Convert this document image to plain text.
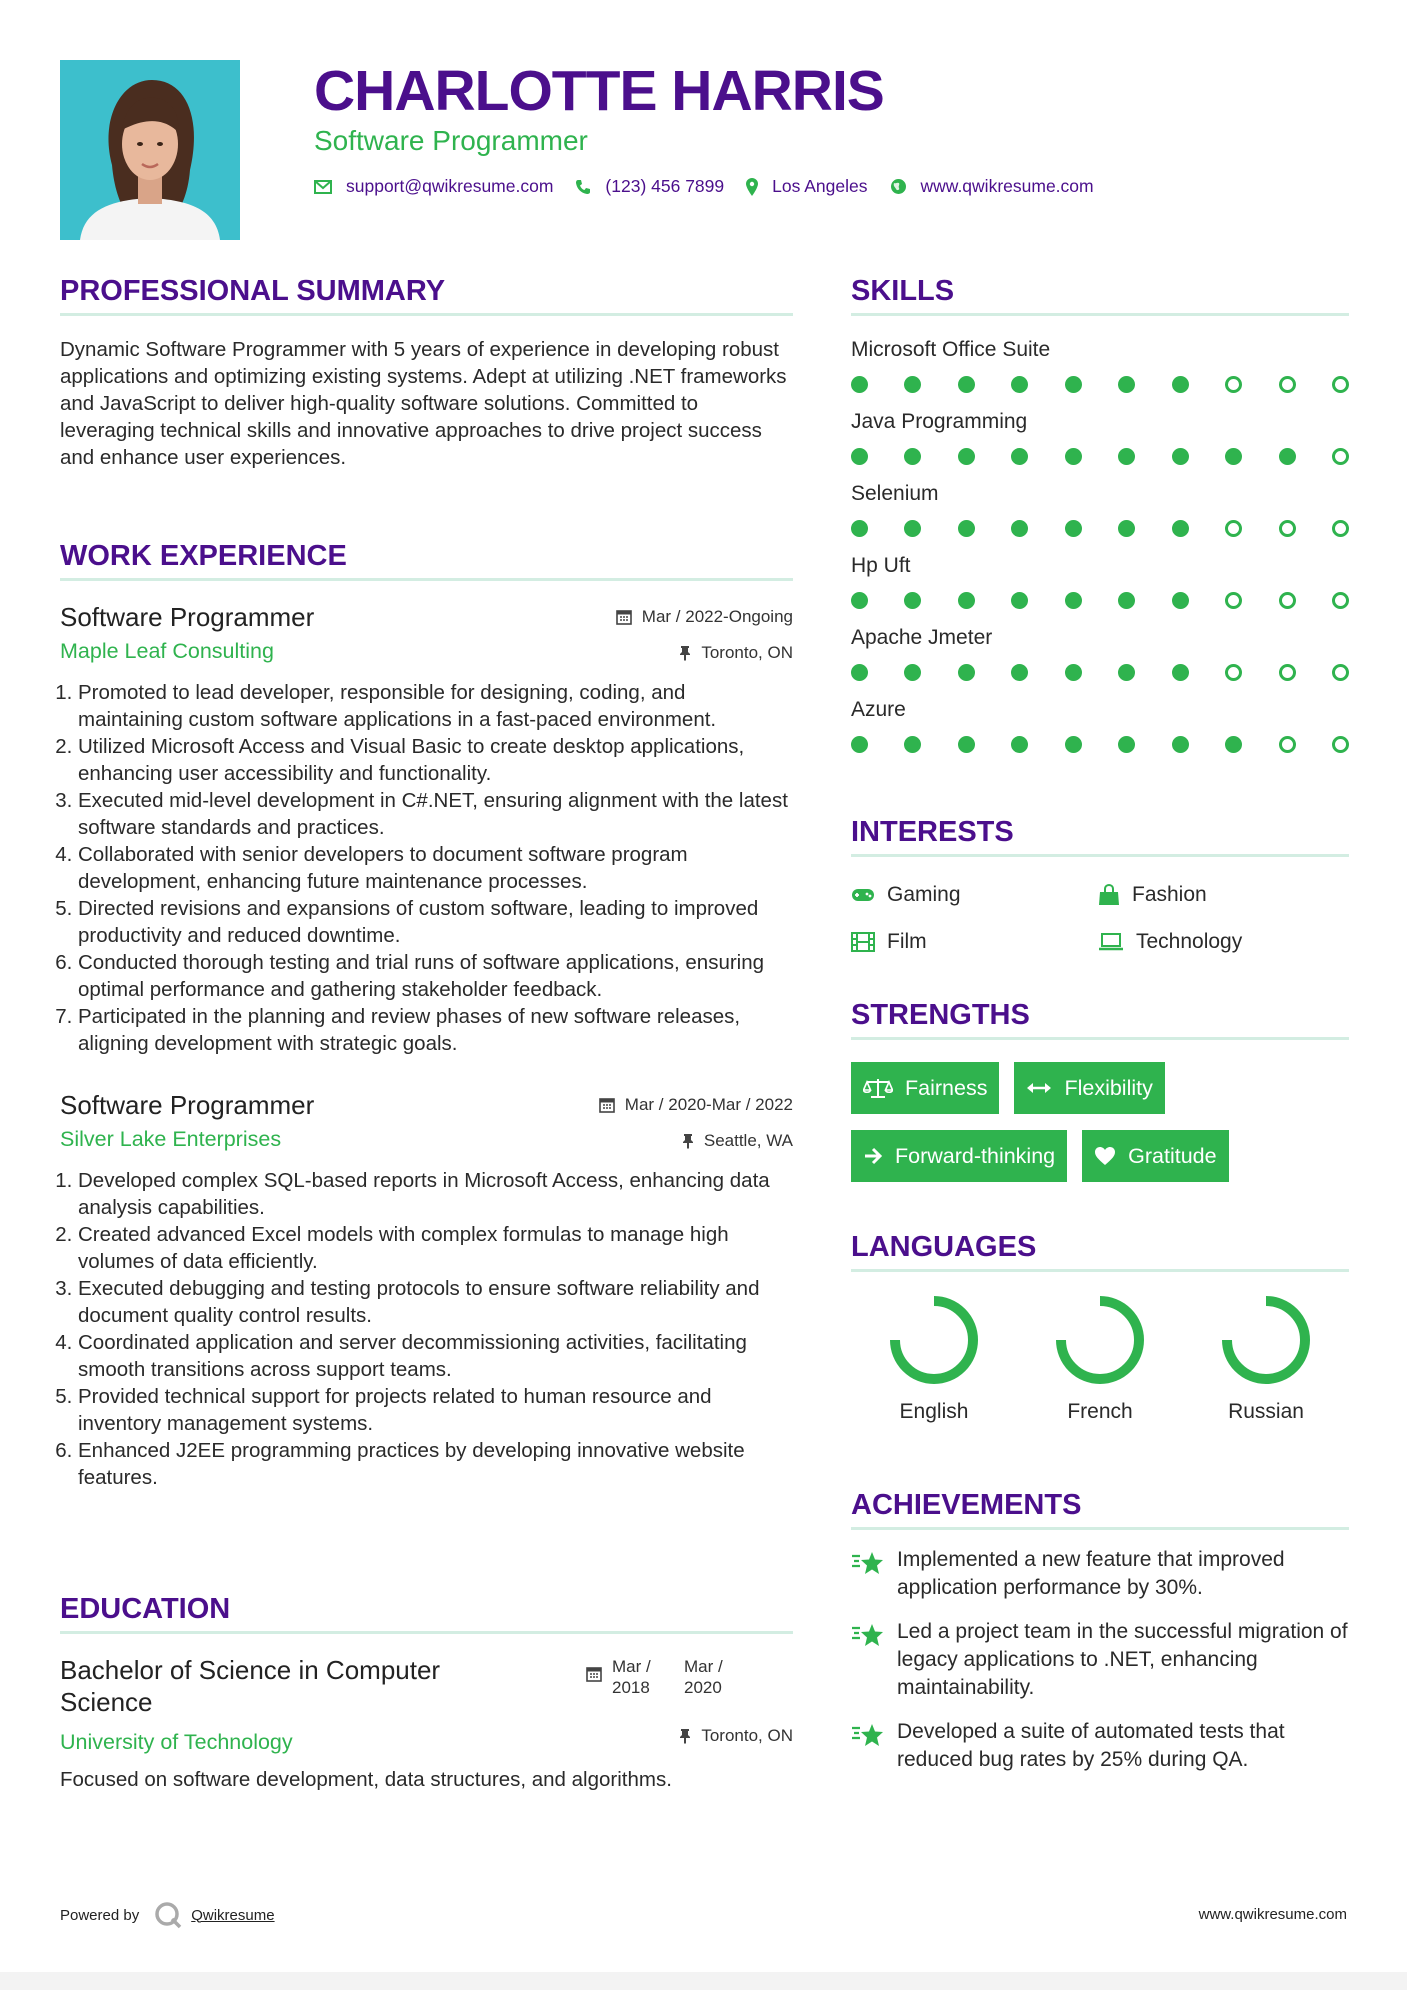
CHARLOTTE HARRIS
Software Programmer
support@qwikresume.com	(123) 456 7899	Los Angeles	www.qwikresume.com
PROFESSIONAL SUMMARY
Dynamic Software Programmer with 5 years of experience in developing robust applications and optimizing existing systems. Adept at utilizing .NET frameworks and JavaScript to deliver high-quality software solutions. Committed to leveraging technical skills and innovative approaches to drive project success and enhance user experiences.
WORK EXPERIENCE
Software Programmer
Maple Leaf Consulting
Mar / 2022-Ongoing
Toronto, ON
1. Promoted to lead developer, responsible for designing, coding, and maintaining custom software applications in a fast-paced environment.
2. Utilized Microsoft Access and Visual Basic to create desktop applications, enhancing user accessibility and functionality.
3. Executed mid-level development in C#.NET, ensuring alignment with the latest software standards and practices.
4. Collaborated with senior developers to document software program development, enhancing future maintenance processes.
5. Directed revisions and expansions of custom software, leading to improved productivity and reduced downtime.
6. Conducted thorough testing and trial runs of software applications, ensuring optimal performance and gathering stakeholder feedback.
7. Participated in the planning and review phases of new software releases, aligning development with strategic goals.
Software Programmer
Silver Lake Enterprises
Mar / 2020-Mar / 2022
Seattle, WA
1. Developed complex SQL-based reports in Microsoft Access, enhancing data analysis capabilities.
2. Created advanced Excel models with complex formulas to manage high volumes of data efficiently.
3. Executed debugging and testing protocols to ensure software reliability and document quality control results.
4. Coordinated application and server decommissioning activities, facilitating smooth transitions across support teams.
5. Provided technical support for projects related to human resource and inventory management systems.
6. Enhanced J2EE programming practices by developing innovative website features.
EDUCATION
Bachelor of Science in Computer Science
University of Technology
Mar / 2018
Mar / 2020
Toronto, ON
Focused on software development, data structures, and algorithms.
SKILLS
Microsoft Office Suite
Java Programming
Selenium
Hp Uft
Apache Jmeter
Azure
INTERESTS
Gaming	Fashion
Film	Technology
STRENGTHS
Fairness	Flexibility
Forward-thinking	Gratitude
LANGUAGES
English	French	Russian
ACHIEVEMENTS
Implemented a new feature that improved application performance by 30%.
Led a project team in the successful migration of legacy applications to .NET, enhancing maintainability.
Developed a suite of automated tests that reduced bug rates by 25% during QA.
Powered by	Qwikresume	www.qwikresume.com
